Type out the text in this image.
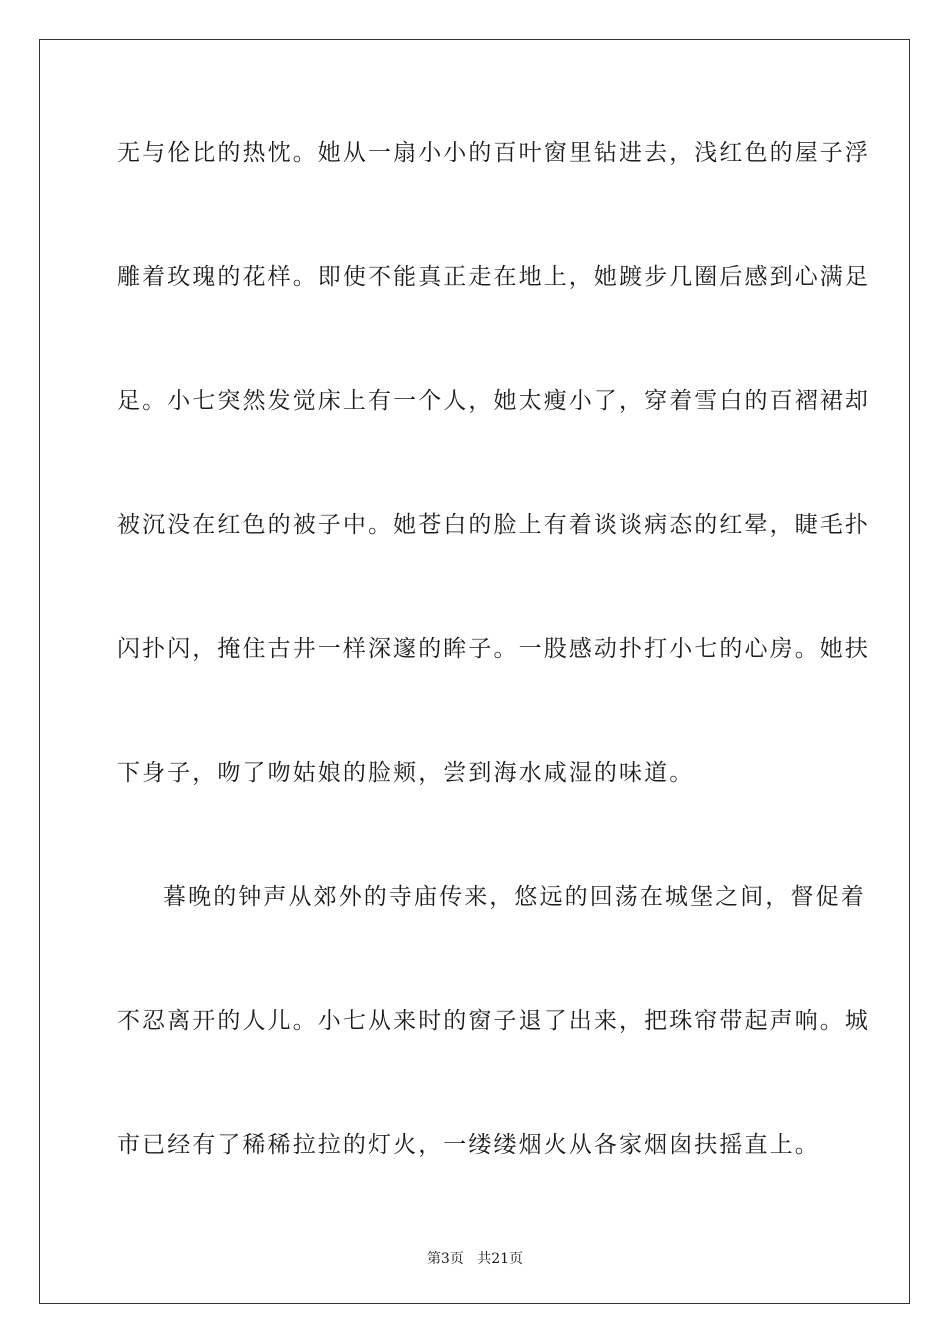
无与伦比的热忱。她从一扇小小的百叶窗里钻进去，浅红色的屋子浮

雕着玫瑰的花样。即使不能真正走在地上，她踱步几圈后感到心满足

足。小七突然发觉床上有一个人，她太瘦小了，穿着雪白的百褶裙却

被沉没在红色的被子中。她苍白的脸上有着谈谈病态的红晕，睫毛扑

闪扑闪，掩住古井一样深邃的眸子。一股感动扑打小七的心房。她扶

下身子，吻了吻姑娘的脸颊，尝到海水咸湿的味道。

暮晚的钟声从郊外的寺庙传来，悠远的回荡在城堡之间，督促着

不忍离开的人儿。小七从来时的窗子退了出来，把珠帘带起声响。城

市已经有了稀稀拉拉的灯火，一缕缕烟火从各家烟囱扶摇直上。

第3页 共21页
